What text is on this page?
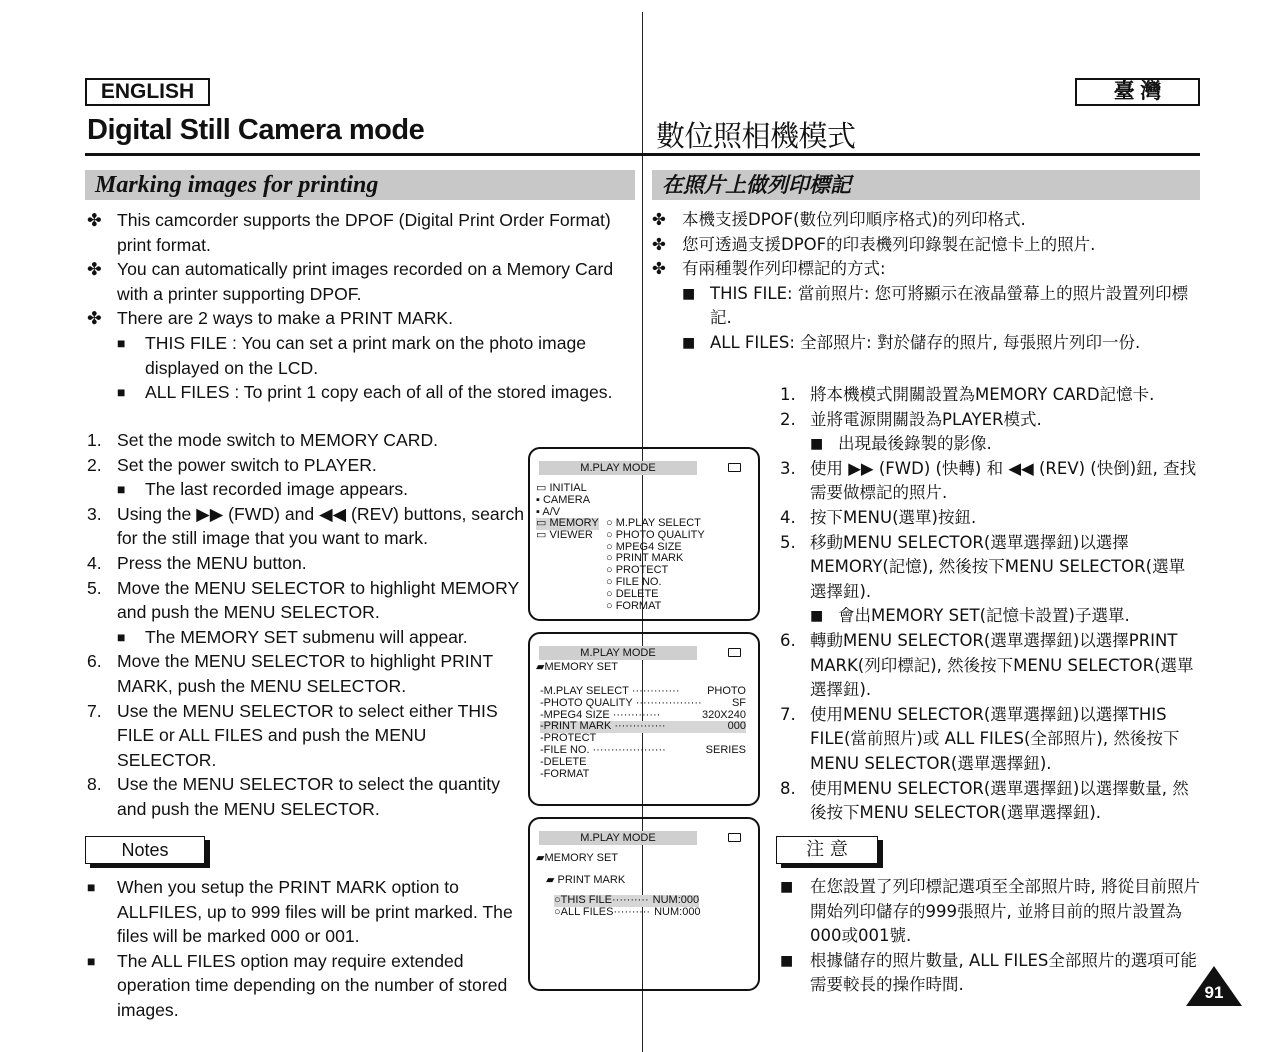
ENGLISH	臺 灣
Digital Still Camera mode	數位照相機模式
Marking images for printing	在照片上做列印標記
✤ This camcorder supports the DPOF (Digital Print Order Format) print format.
✤ You can automatically print images recorded on a Memory Card with a printer supporting DPOF.
✤ There are 2 ways to make a PRINT MARK.
■ THIS FILE : You can set a print mark on the photo image displayed on the LCD.
■ ALL FILES : To print 1 copy each of all of the stored images.
1. Set the mode switch to MEMORY CARD.
2. Set the power switch to PLAYER.
■ The last recorded image appears.
3. Using the ▶▶ (FWD) and ◀◀ (REV) buttons, search for the still image that you want to mark.
4. Press the MENU button.
5. Move the MENU SELECTOR to highlight MEMORY and push the MENU SELECTOR.
■ The MEMORY SET submenu will appear.
6. Move the MENU SELECTOR to highlight PRINT MARK, push the MENU SELECTOR.
7. Use the MENU SELECTOR to select either THIS FILE or ALL FILES and push the MENU SELECTOR.
8. Use the MENU SELECTOR to select the quantity and push the MENU SELECTOR.
Notes
■ When you setup the PRINT MARK option to ALLFILES, up to 999 files will be print marked. The files will be marked 000 or 001.
■ The ALL FILES option may require extended operation time depending on the number of stored images.
✤ 本機支援DPOF(數位列印順序格式)的列印格式.
✤ 您可透過支援DPOF的印表機列印錄製在記憶卡上的照片.
✤ 有兩種製作列印標記的方式:
■ THIS FILE: 當前照片: 您可將顯示在液晶螢幕上的照片設置列印標記.
■ ALL FILES: 全部照片: 對於儲存的照片, 每張照片列印一份.
1. 將本機模式開關設置為MEMORY CARD記憶卡.
2. 並將電源開關設為PLAYER模式.
■ 出現最後錄製的影像.
3. 使用 ▶▶ (FWD) (快轉) 和 ◀◀ (REV) (快倒)鈕, 查找需要做標記的照片.
4. 按下MENU(選單)按鈕.
5. 移動MENU SELECTOR(選單選擇鈕)以選擇MEMORY(記憶), 然後按下MENU SELECTOR(選單選擇鈕).
■ 會出MEMORY SET(記憶卡設置)子選單.
6. 轉動MENU SELECTOR(選單選擇鈕)以選擇PRINT MARK(列印標記), 然後按下MENU SELECTOR(選單選擇鈕).
7. 使用MENU SELECTOR(選單選擇鈕)以選擇THIS FILE(當前照片)或 ALL FILES(全部照片), 然後按下MENU SELECTOR(選單選擇鈕).
8. 使用MENU SELECTOR(選單選擇鈕)以選擇數量, 然後按下MENU SELECTOR(選單選擇鈕).
注 意
■ 在您設置了列印標記選項至全部照片時, 將從目前照片開始列印儲存的999張照片, 並將目前的照片設置為000或001號.
■ 根據儲存的照片數量, ALL FILES全部照片的選項可能需要較長的操作時間.
M.PLAY MODE
▭ INITIAL
▪ CAMERA
▪ A/V
▭ MEMORY
▭ VIEWER
○ M.PLAY SELECT
○ PHOTO QUALITY
○ MPEG4 SIZE
○ PRINT MARK
○ PROTECT
○ FILE NO.
○ DELETE
○ FORMAT
M.PLAY MODE
▰MEMORY SET
- M.PLAY SELECT ·············	PHOTO
- PHOTO QUALITY ··················	SF
- MPEG4 SIZE ·············	320X240
- PRINT MARK ··············	000
- PROTECT
- FILE NO. ····················	SERIES
- DELETE
- FORMAT
M.PLAY MODE
▰MEMORY SET
▰ PRINT MARK
○THIS FILE·········· NUM:000
○ALL FILES·········· NUM:000
91
